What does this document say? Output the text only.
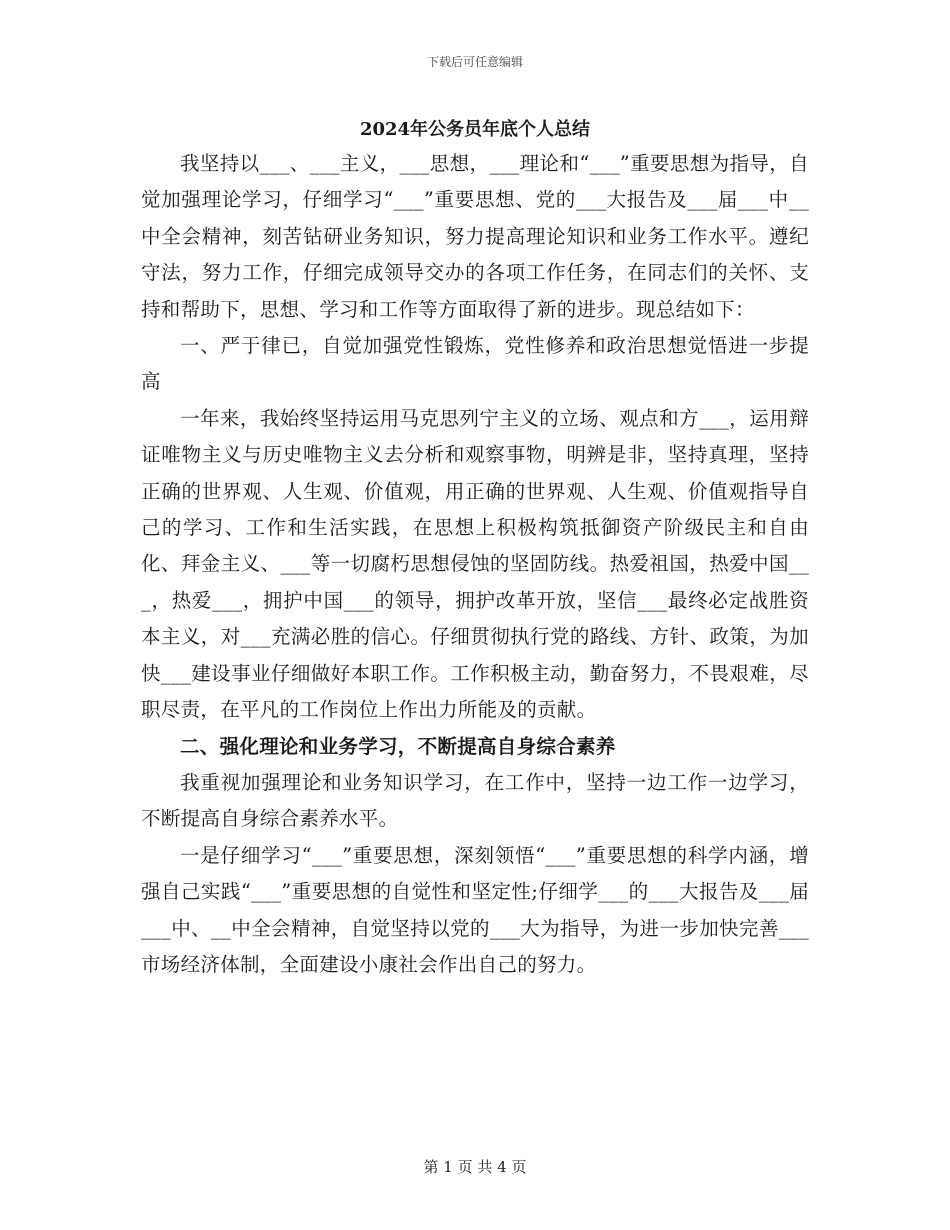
下载后可任意编辑
2024年公务员年底个人总结

我坚持以___、___主义，___思想，___理论和“___”重要思想为指导，自觉加强理论学习，仔细学习“___”重要思想、党的___大报告及___届___中__中全会精神，刻苦钻研业务知识，努力提高理论知识和业务工作水平。遵纪守法，努力工作，仔细完成领导交办的各项工作任务，在同志们的关怀、支持和帮助下，思想、学习和工作等方面取得了新的进步。现总结如下：

一、严于律已，自觉加强党性锻炼，党性修养和政治思想觉悟进一步提高

一年来，我始终坚持运用马克思列宁主义的立场、观点和方___，运用辩证唯物主义与历史唯物主义去分析和观察事物，明辨是非，坚持真理，坚持正确的世界观、人生观、价值观，用正确的世界观、人生观、价值观指导自己的学习、工作和生活实践，在思想上积极构筑抵御资产阶级民主和自由化、拜金主义、___等一切腐朽思想侵蚀的坚固防线。热爱祖国，热爱中国___，热爱___，拥护中国___的领导，拥护改革开放，坚信___最终必定战胜资本主义，对___充满必胜的信心。仔细贯彻执行党的路线、方针、政策，为加快___建设事业仔细做好本职工作。工作积极主动，勤奋努力，不畏艰难，尽职尽责，在平凡的工作岗位上作出力所能及的贡献。

二、强化理论和业务学习，不断提高自身综合素养

我重视加强理论和业务知识学习，在工作中，坚持一边工作一边学习，不断提高自身综合素养水平。

一是仔细学习“___”重要思想，深刻领悟“___”重要思想的科学内涵，增强自己实践“___”重要思想的自觉性和坚定性;仔细学___的___大报告及___届___中、__中全会精神，自觉坚持以党的___大为指导，为进一步加快完善___市场经济体制，全面建设小康社会作出自己的努力。

第 1 页 共 4 页
